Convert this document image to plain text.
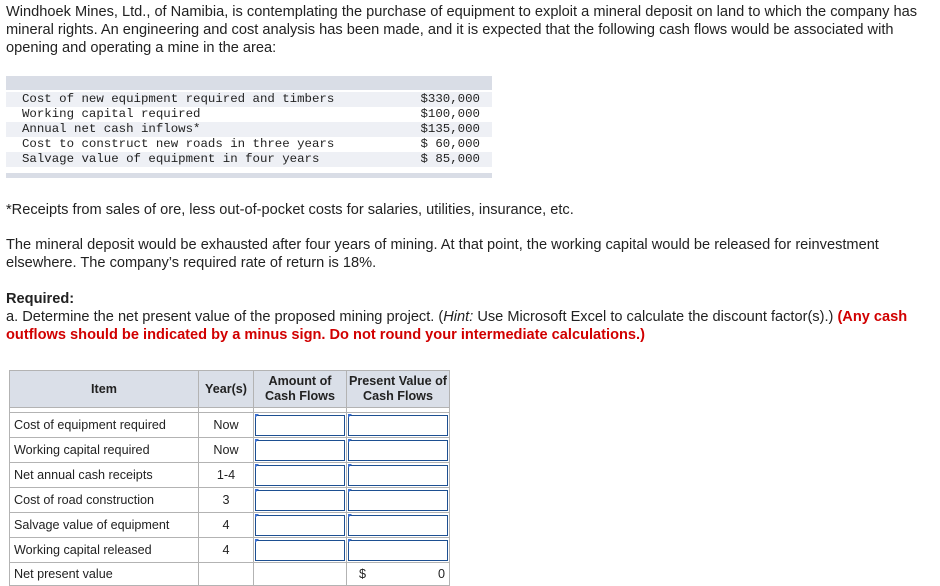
Windhoek Mines, Ltd., of Namibia, is contemplating the purchase of equipment to exploit a mineral deposit on land to which the company has mineral rights. An engineering and cost analysis has been made, and it is expected that the following cash flows would be associated with opening and operating a mine in the area:

Cost of new equipment required and timbers	$330,000
Working capital required	$100,000
Annual net cash inflows*	$135,000
Cost to construct new roads in three years	$ 60,000
Salvage value of equipment in four years	$ 85,000

*Receipts from sales of ore, less out-of-pocket costs for salaries, utilities, insurance, etc.

The mineral deposit would be exhausted after four years of mining. At that point, the working capital would be released for reinvestment elsewhere. The company’s required rate of return is 18%.

Required:

a. Determine the net present value of the proposed mining project. (Hint: Use Microsoft Excel to calculate the discount factor(s).) (Any cash outflows should be indicated by a minus sign. Do not round your intermediate calculations.)

Item	Year(s)	Amount of Cash Flows	Present Value of Cash Flows

Cost of equipment required	Now	

Working capital required	Now	

Net annual cash receipts	1-4	

Cost of road construction	3	

Salvage value of equipment	4	

Working capital released	4	

Net present value			$ 0
